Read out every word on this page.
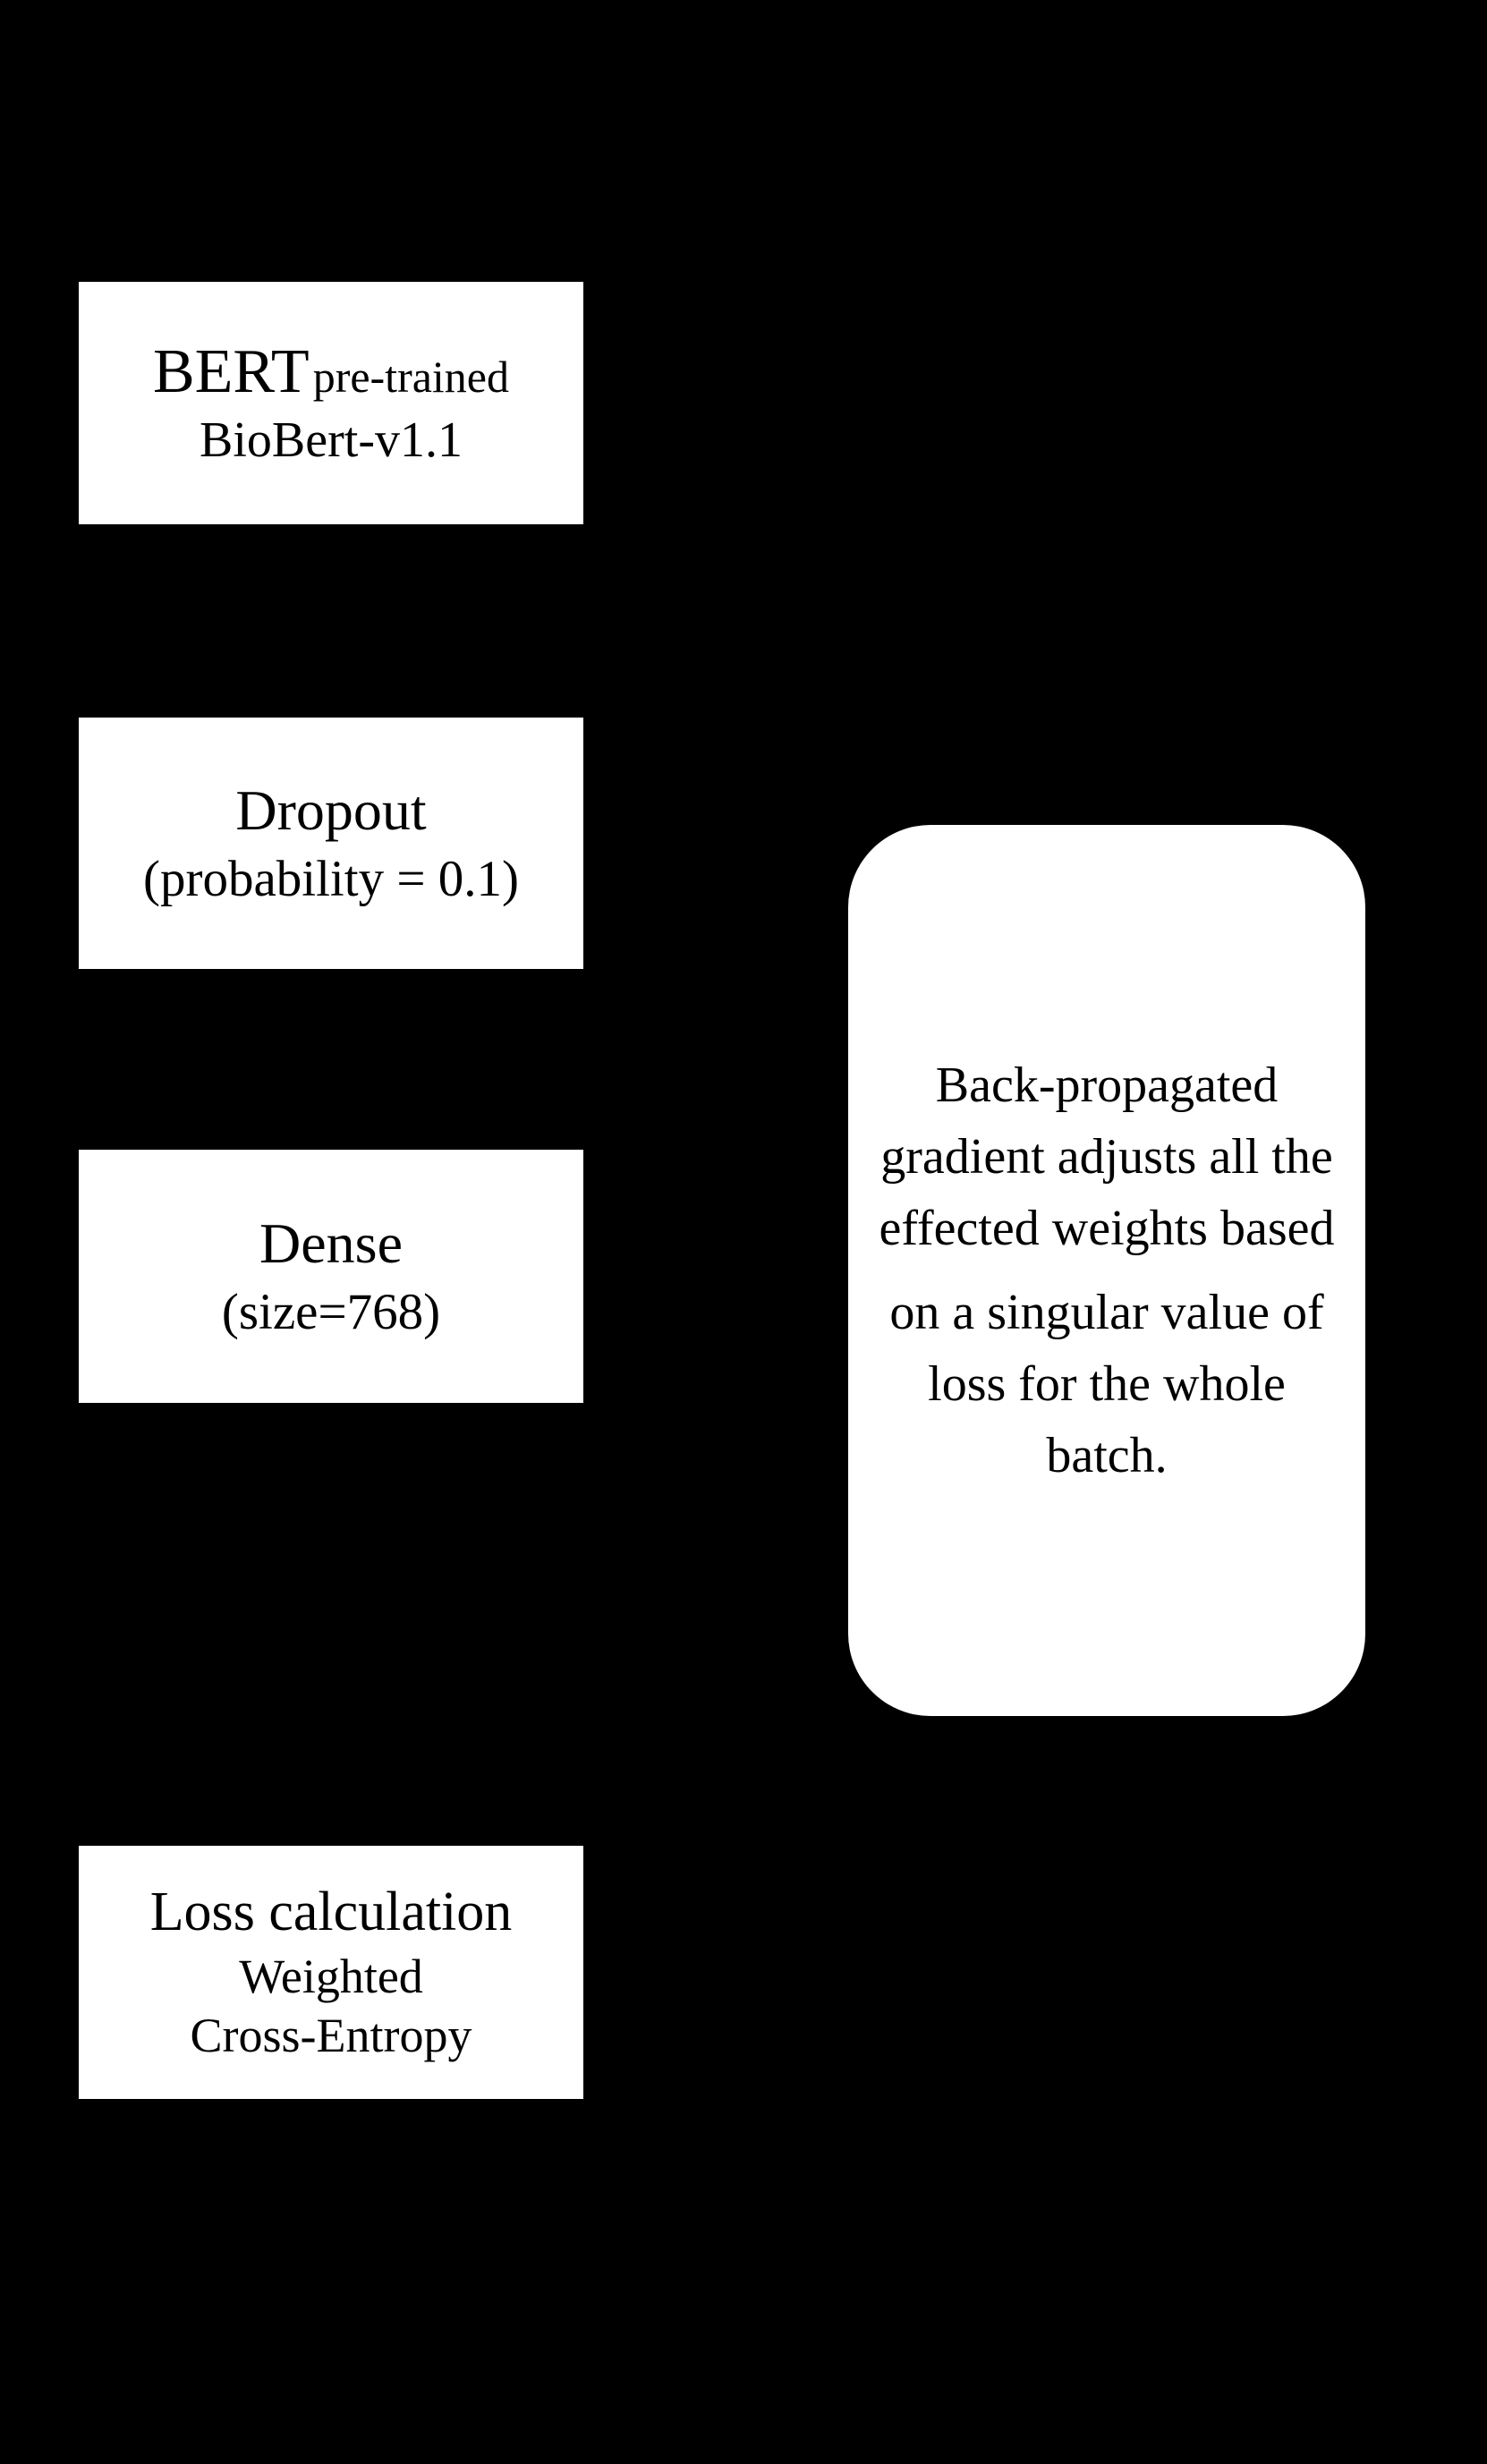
BERT pre-trained
BioBert-v1.1
Dropout
(probability = 0.1)
Dense
(size=768)
Loss calculation
Weighted
Cross-Entropy
Back-propagated
gradient adjusts all the
effected weights based
on a singular value of
loss for the whole
batch.
